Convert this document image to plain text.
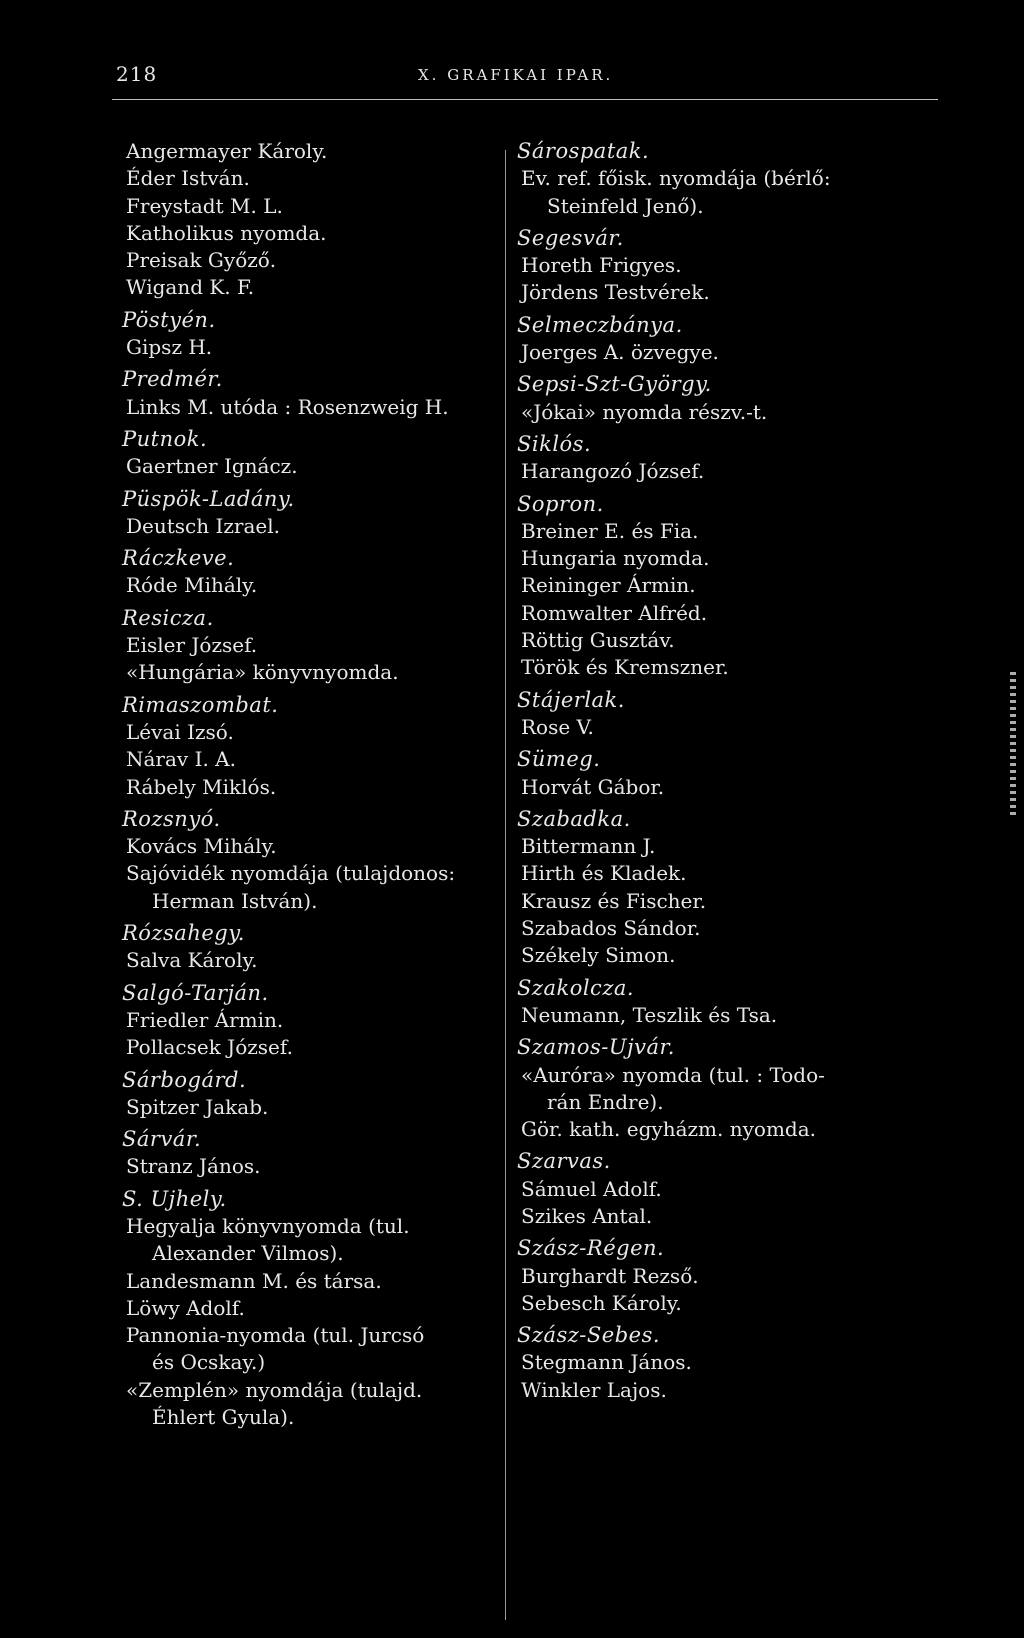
218	X. GRAFIKAI IPAR.
Angermayer Károly.
Éder István.
Freystadt M. L.
Katholikus nyomda.
Preisak Győző.
Wigand K. F.
Pöstyén.
Gipsz H.
Predmér.
Links M. utóda : Rosenzweig H.
Putnok.
Gaertner Ignácz.
Püspök-Ladány.
Deutsch Izrael.
Ráczkeve.
Róde Mihály.
Resicza.
Eisler József.
«Hungária» könyvnyomda.
Rimaszombat.
Lévai Izsó.
Nárav I. A.
Rábely Miklós.
Rozsnyó.
Kovács Mihály.
Sajóvidék nyomdája (tulajdonos:
Herman István).
Rózsahegy.
Salva Károly.
Salgó-Tarján.
Friedler Ármin.
Pollacsek József.
Sárbogárd.
Spitzer Jakab.
Sárvár.
Stranz János.
S. Ujhely.
Hegyalja könyvnyomda (tul.
Alexander Vilmos).
Landesmann M. és társa.
Löwy Adolf.
Pannonia-nyomda (tul. Jurcsó
és Ocskay.)
«Zemplén» nyomdája (tulajd.
Éhlert Gyula).
Sárospatak.
Ev. ref. főisk. nyomdája (bérlő:
Steinfeld Jenő).
Segesvár.
Horeth Frigyes.
Jördens Testvérek.
Selmeczbánya.
Joerges A. özvegye.
Sepsi-Szt-György.
«Jókai» nyomda részv.-t.
Siklós.
Harangozó József.
Sopron.
Breiner E. és Fia.
Hungaria nyomda.
Reininger Ármin.
Romwalter Alfréd.
Röttig Gusztáv.
Török és Kremszner.
Stájerlak.
Rose V.
Sümeg.
Horvát Gábor.
Szabadka.
Bittermann J.
Hirth és Kladek.
Krausz és Fischer.
Szabados Sándor.
Székely Simon.
Szakolcza.
Neumann, Teszlik és Tsa.
Szamos-Ujvár.
«Auróra» nyomda (tul. : Todo-
rán Endre).
Gör. kath. egyházm. nyomda.
Szarvas.
Sámuel Adolf.
Szikes Antal.
Szász-Régen.
Burghardt Rezső.
Sebesch Károly.
Szász-Sebes.
Stegmann János.
Winkler Lajos.
